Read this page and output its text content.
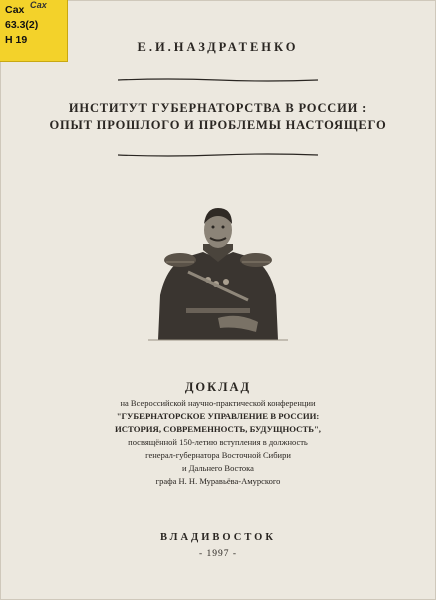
Сах
Сах
63.3(2)
Н 19	Е.И.НАЗДРАТЕНКО
ИНСТИТУТ ГУБЕРНАТОРСТВА В РОССИИ :
ОПЫТ ПРОШЛОГО И ПРОБЛЕМЫ НАСТОЯЩЕГО
ДОКЛАД
на Всероссийской научно-практической конференции
"ГУБЕРНАТОРСКОЕ УПРАВЛЕНИЕ В РОССИИ:
ИСТОРИЯ, СОВРЕМЕННОСТЬ, БУДУЩНОСТЬ",
посвящённой 150-летию вступления в должность
генерал-губернатора Восточной Сибири
и Дальнего Востока
графа Н. Н. Муравьёва-Амурского
ВЛАДИВОСТОК
- 1997 -
